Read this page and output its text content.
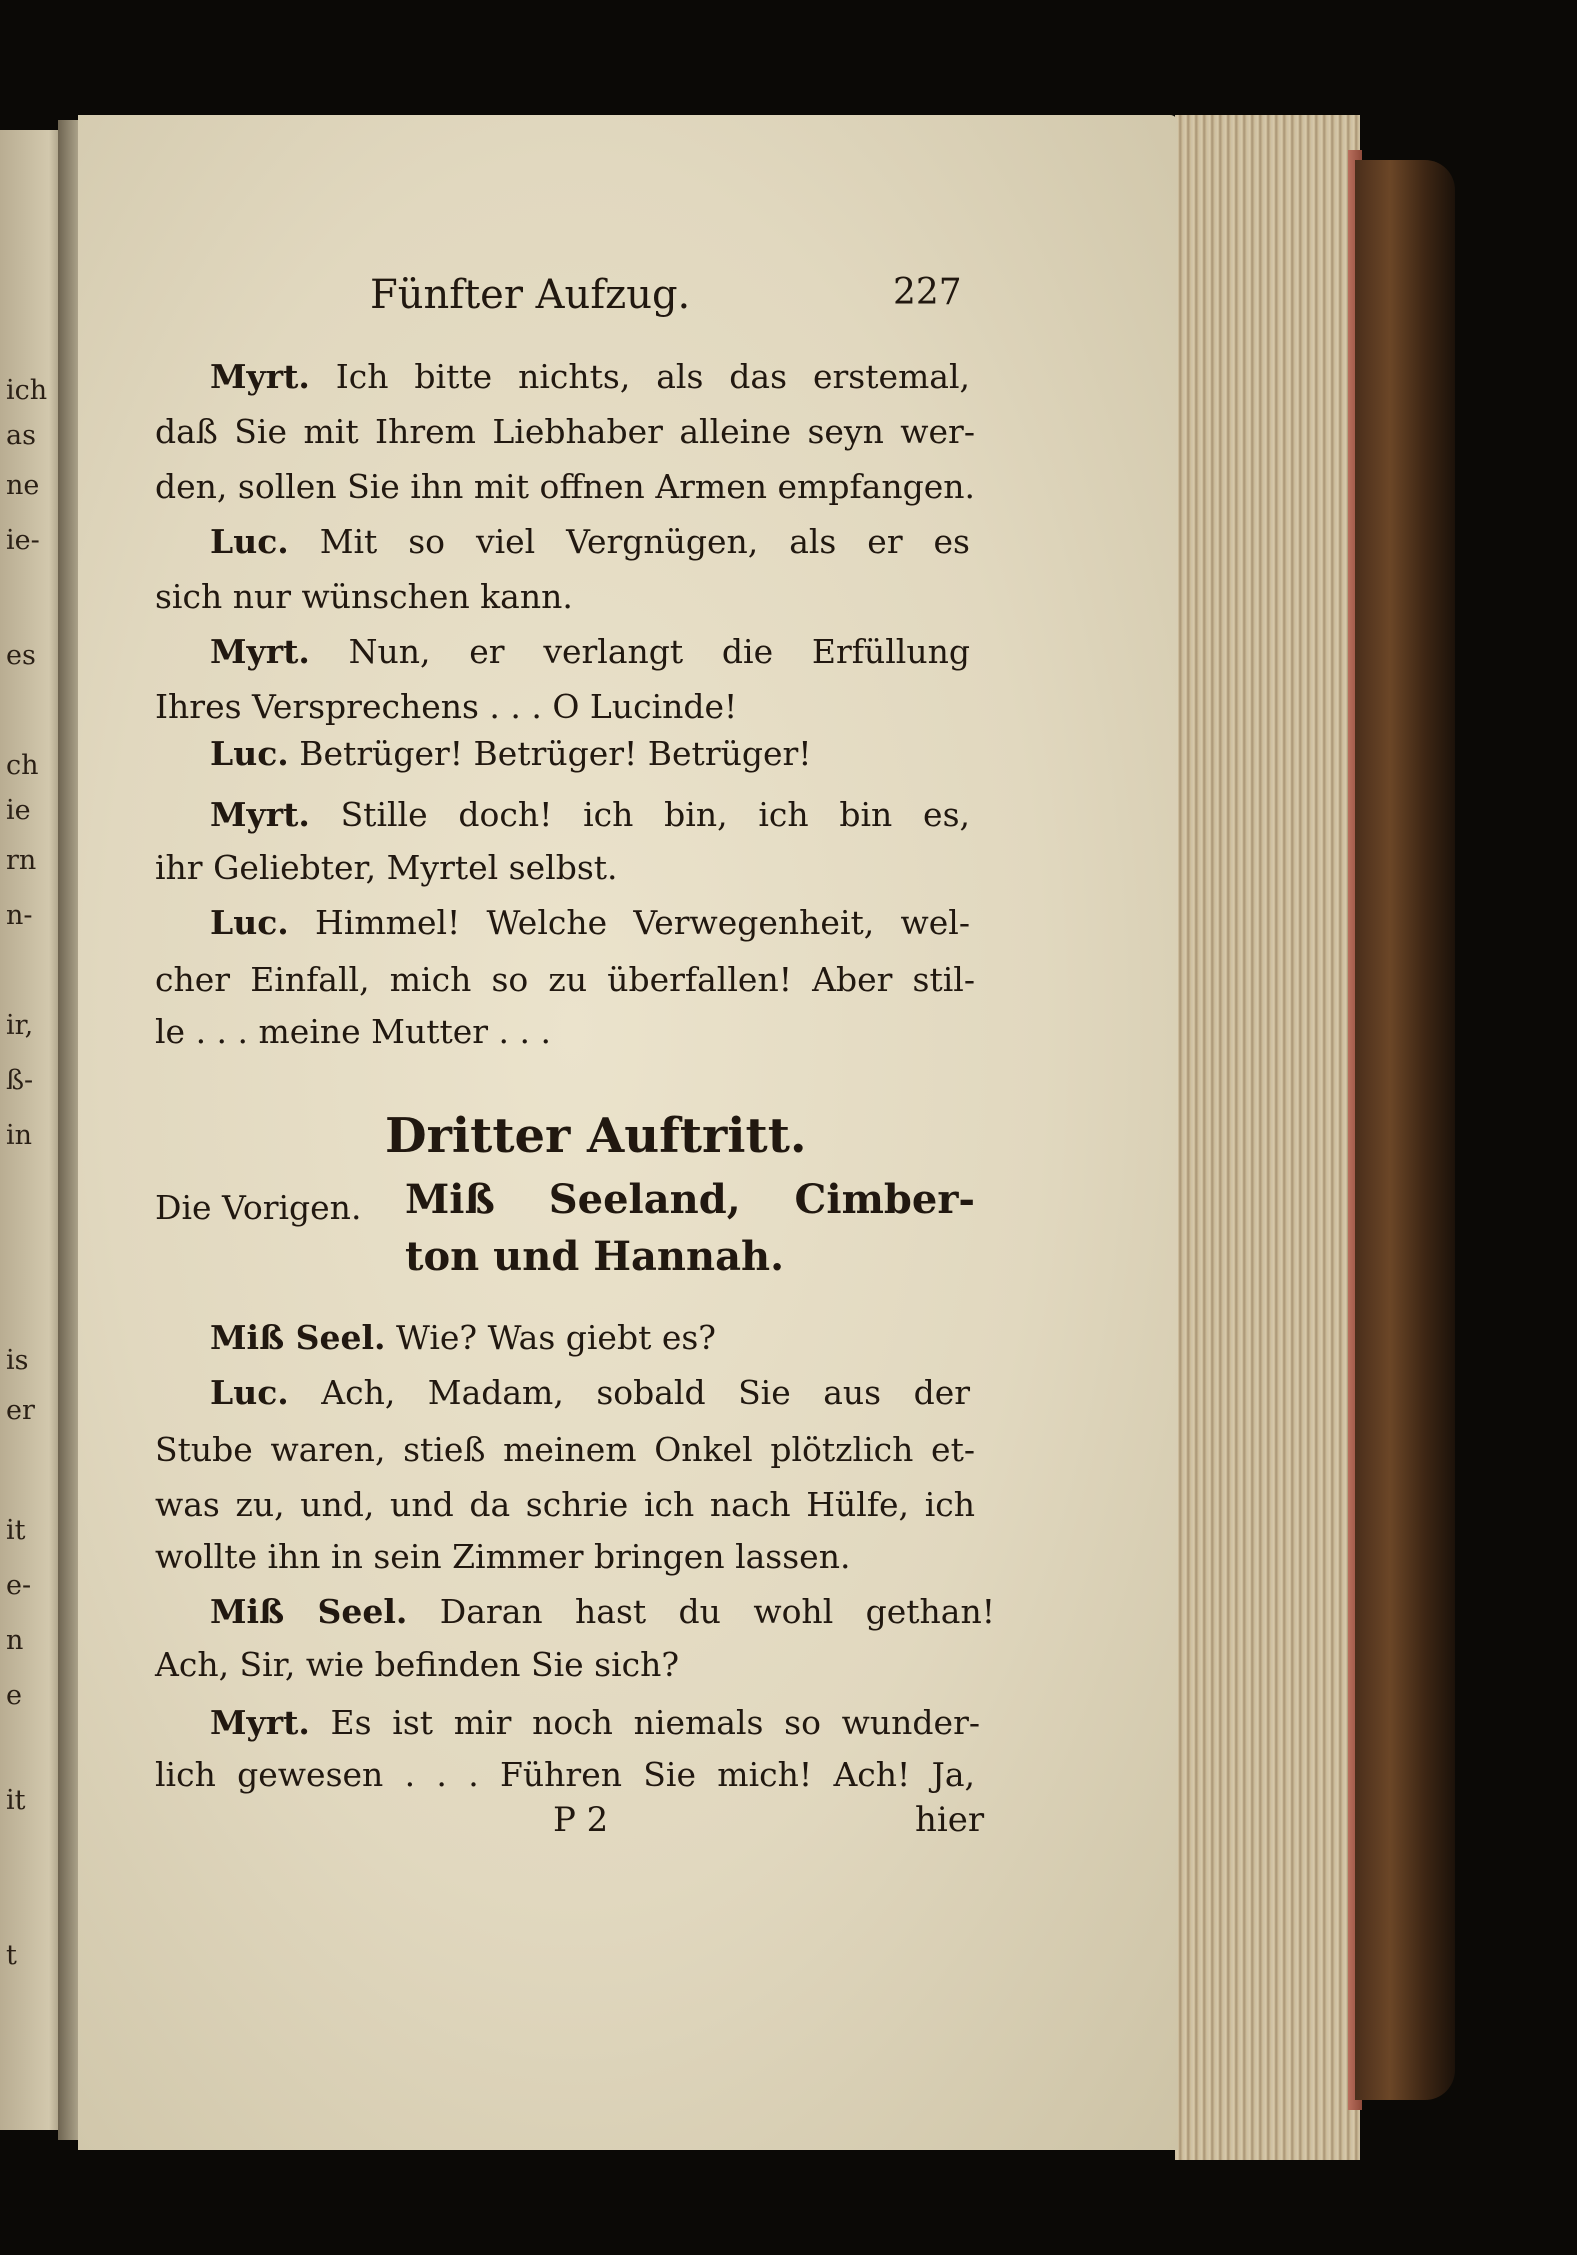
ich
as
ne
ie-
es
ch
ie
rn
n-
ir,
ß-
in
is
er
it
e-
n
e
it
t
Fünfter Aufzug.	227
Myrt. Ich bitte nichts, als das erstemal,
daß Sie mit Ihrem Liebhaber alleine seyn wer-
den, sollen Sie ihn mit offnen Armen empfangen.
Luc. Mit so viel Vergnügen, als er es
sich nur wünschen kann.
Myrt. Nun, er verlangt die Erfüllung
Ihres Versprechens . . . O Lucinde!
Luc. Betrüger! Betrüger! Betrüger!
Myrt. Stille doch! ich bin, ich bin es,
ihr Geliebter, Myrtel selbst.
Luc. Himmel! Welche Verwegenheit, wel-
cher Einfall, mich so zu überfallen! Aber stil-
le . . . meine Mutter . . .
Dritter Auftritt.
Die Vorigen.	Miß Seeland, Cimber-
ton und Hannah.
Miß Seel. Wie? Was giebt es?
Luc. Ach, Madam, sobald Sie aus der
Stube waren, stieß meinem Onkel plötzlich et-
was zu, und, und da schrie ich nach Hülfe, ich
wollte ihn in sein Zimmer bringen lassen.
Miß Seel. Daran hast du wohl gethan!
Ach, Sir, wie befinden Sie sich?
Myrt. Es ist mir noch niemals so wunder-
lich gewesen . . . Führen Sie mich! Ach! Ja,
P 2	hier
